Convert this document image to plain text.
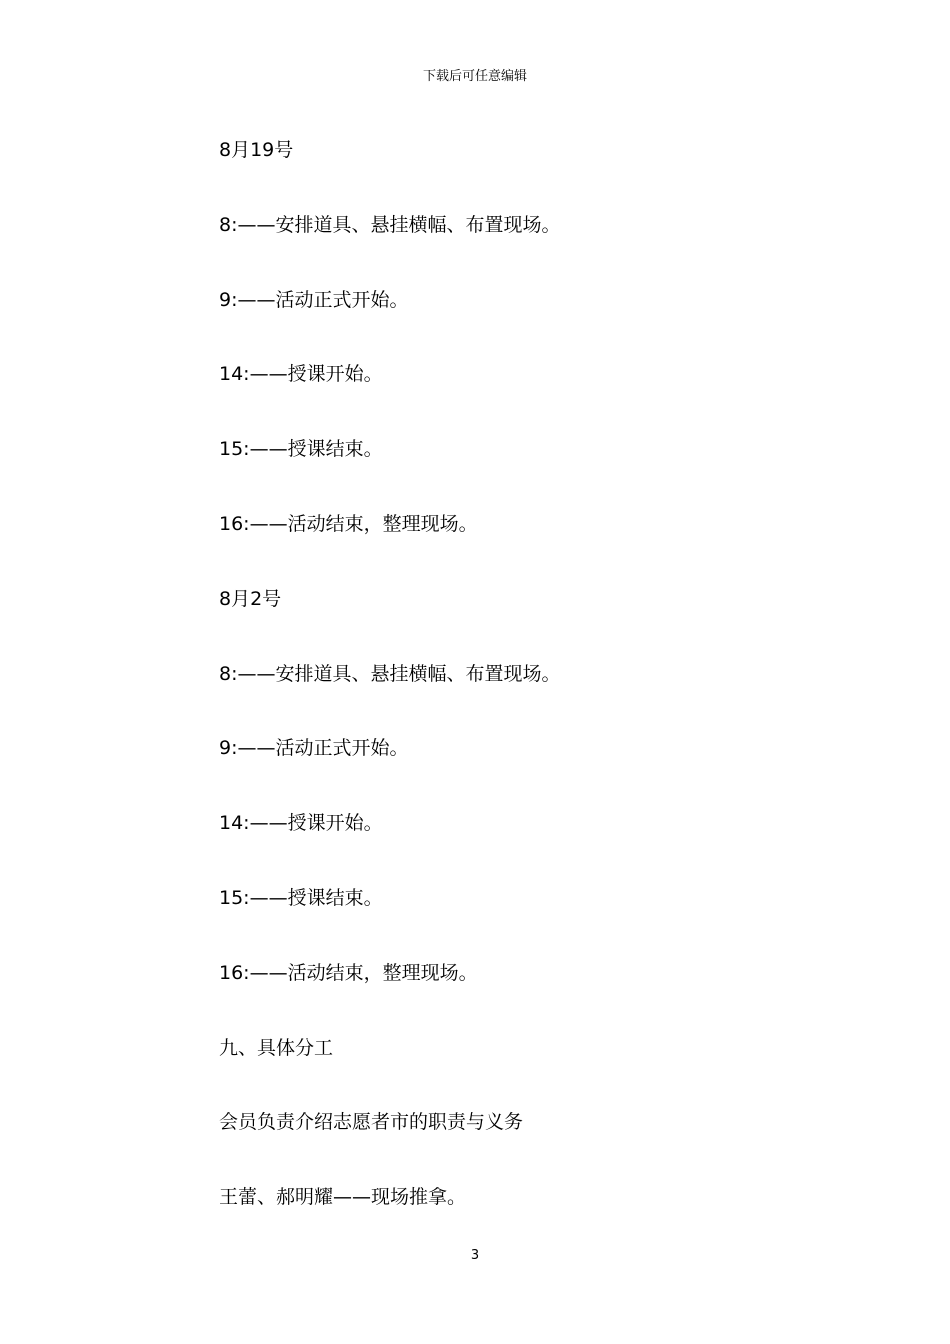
下载后可任意编辑
8月19号
8:——安排道具、悬挂横幅、布置现场。
9:——活动正式开始。
14:——授课开始。
15:——授课结束。
16:——活动结束，整理现场。
8月2号
8:——安排道具、悬挂横幅、布置现场。
9:——活动正式开始。
14:——授课开始。
15:——授课结束。
16:——活动结束，整理现场。
九、具体分工
会员负责介绍志愿者市的职责与义务
王蕾、郝明耀——现场推拿。
3
